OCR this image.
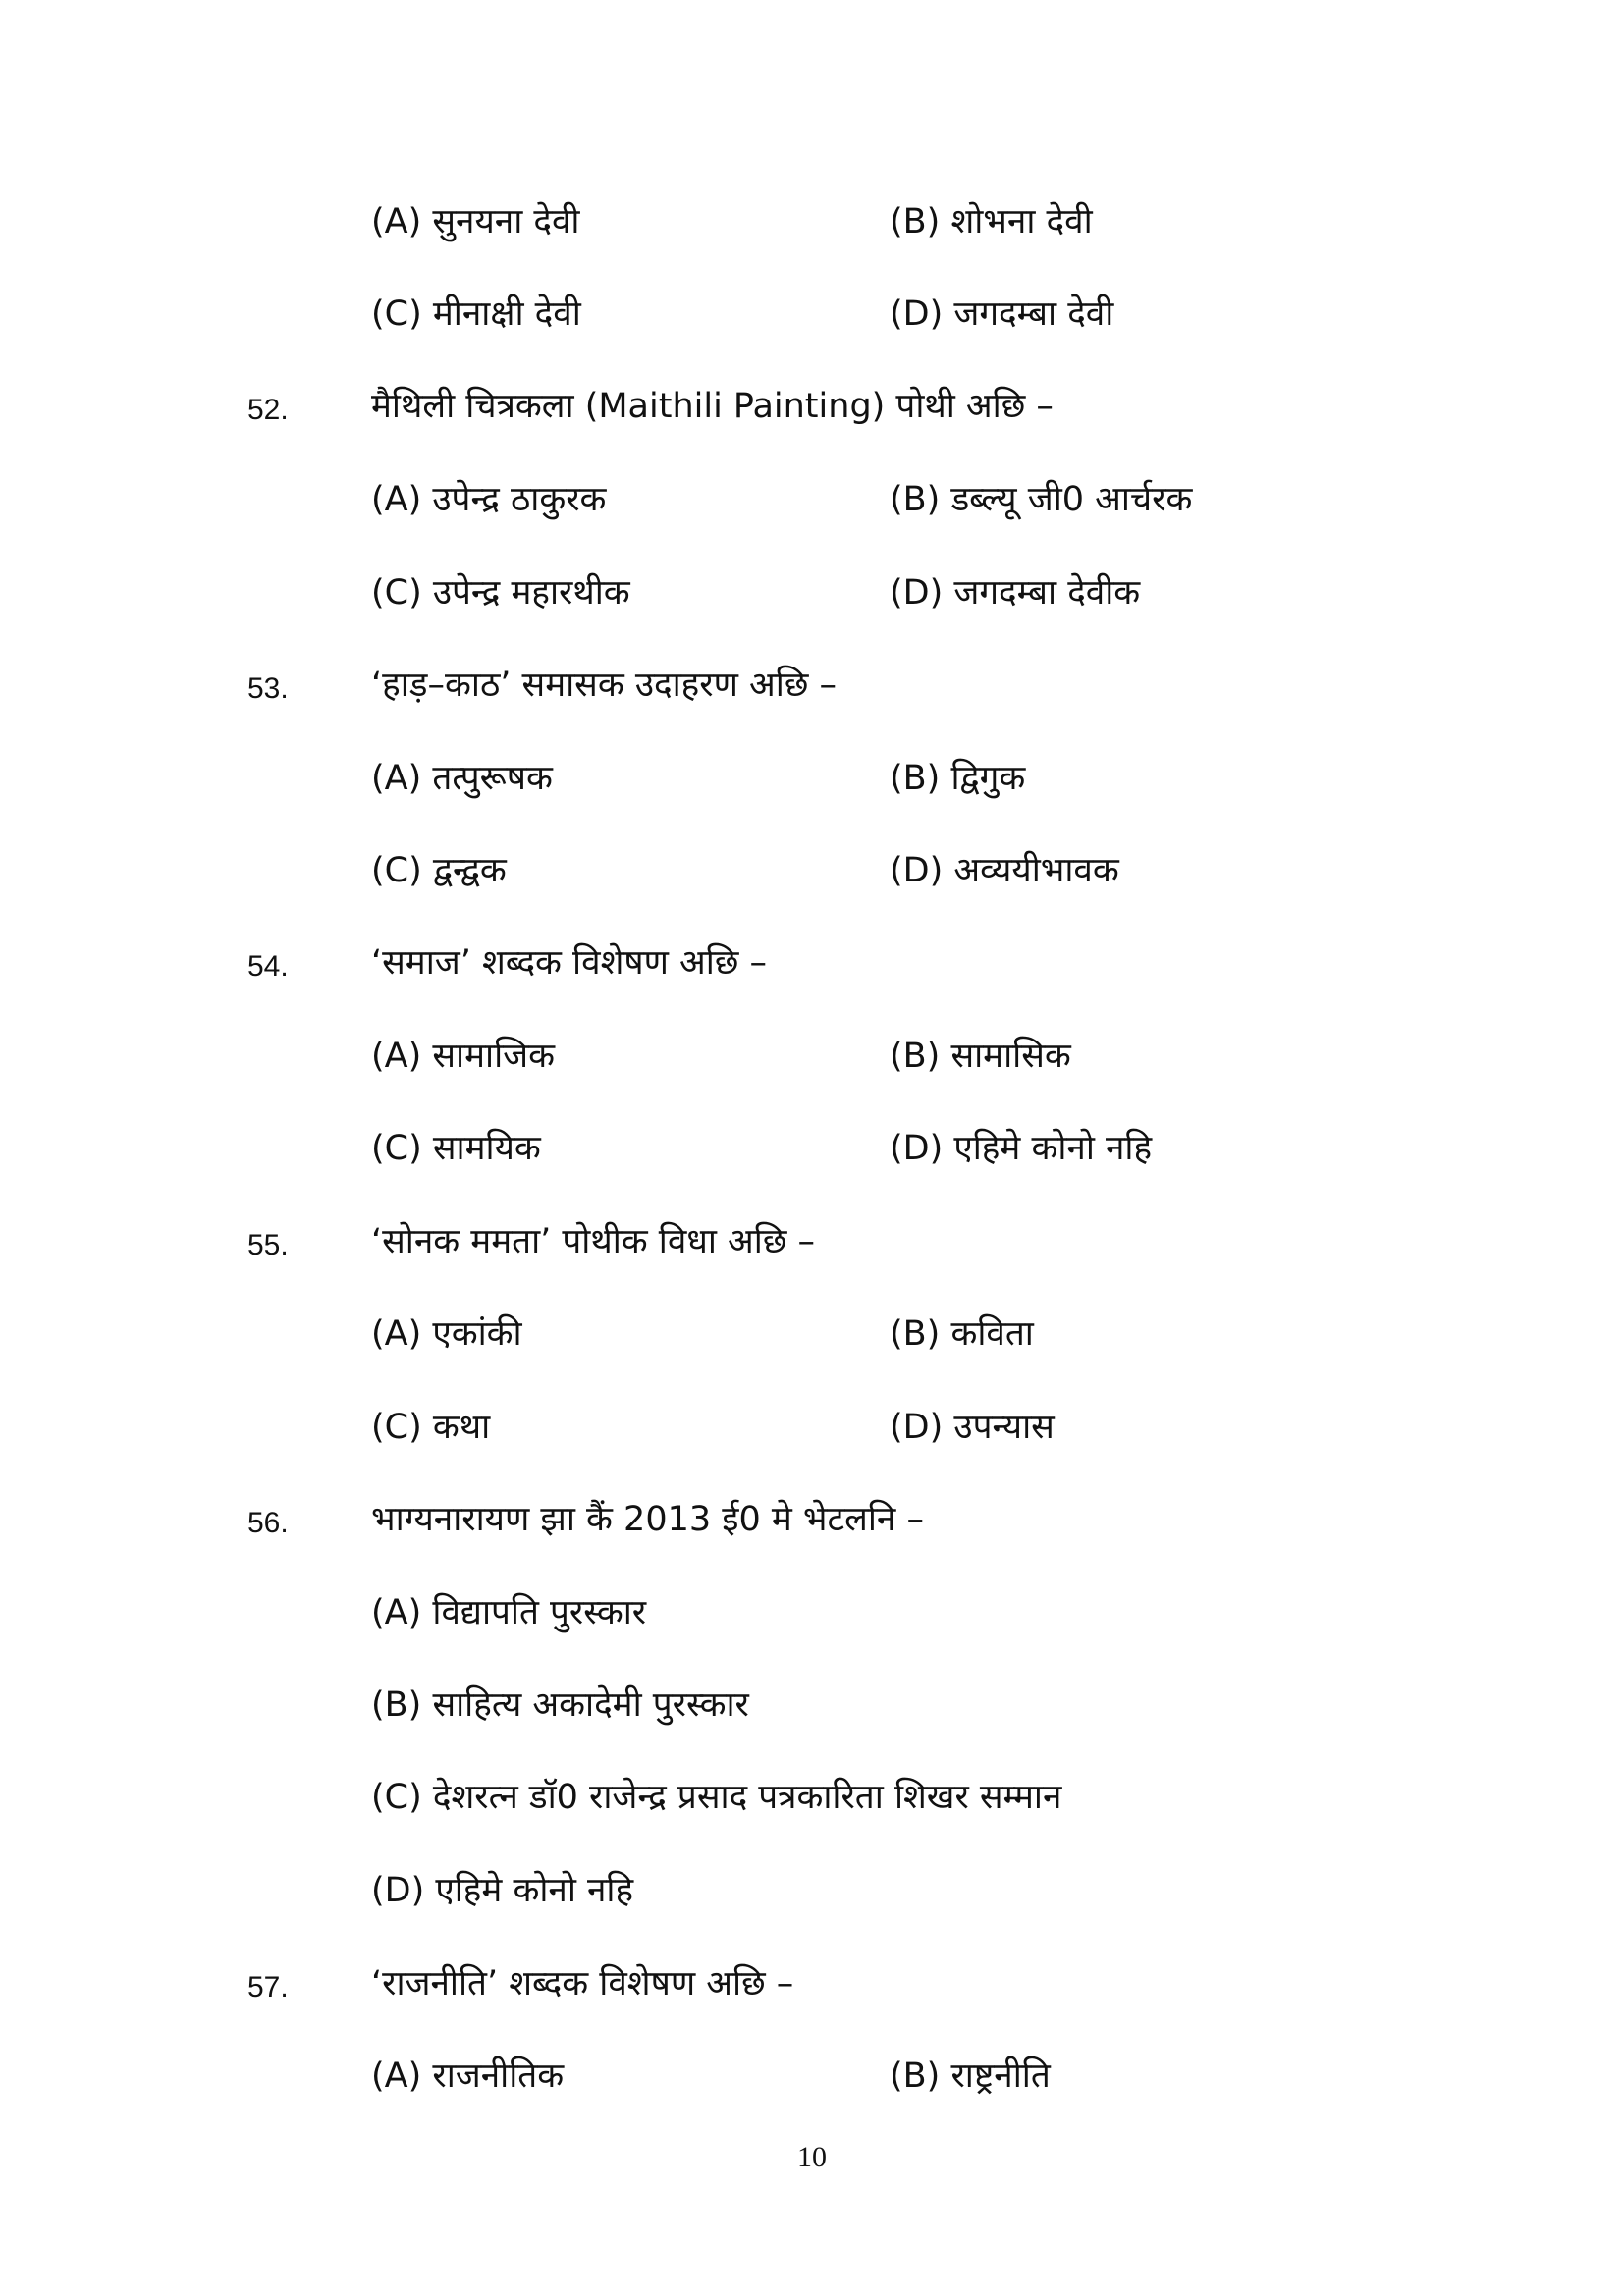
(A) सुनयना देवी	(B) शोभना देवी
(C) मीनाक्षी देवी	(D) जगदम्बा देवी
52. मैथिली चित्रकला (Maithili Painting) पोथी अछि –
(A) उपेन्द्र ठाकुरक	(B) डब्ल्यू जी0 आर्चरक
(C) उपेन्द्र महारथीक	(D) जगदम्बा देवीक
53. ‘हाड़–काठ’ समासक उदाहरण अछि –
(A) तत्पुरूषक	(B) द्विगुक
(C) द्वन्द्वक	(D) अव्ययीभावक
54. ‘समाज’ शब्दक विशेषण अछि –
(A) सामाजिक	(B) सामासिक
(C) सामयिक	(D) एहिमे कोनो नहि
55. ‘सोनक ममता’ पोथीक विधा अछि –
(A) एकांकी	(B) कविता
(C) कथा	(D) उपन्यास
56. भाग्यनारायण झा कैं 2013 ई0 मे भेटलनि –
(A) विद्यापति पुरस्कार
(B) साहित्य अकादेमी पुरस्कार
(C) देशरत्न डॉ0 राजेन्द्र प्रसाद पत्रकारिता शिखर सम्मान
(D) एहिमे कोनो नहि
57. ‘राजनीति’ शब्दक विशेषण अछि –
(A) राजनीतिक	(B) राष्ट्रनीति
10
